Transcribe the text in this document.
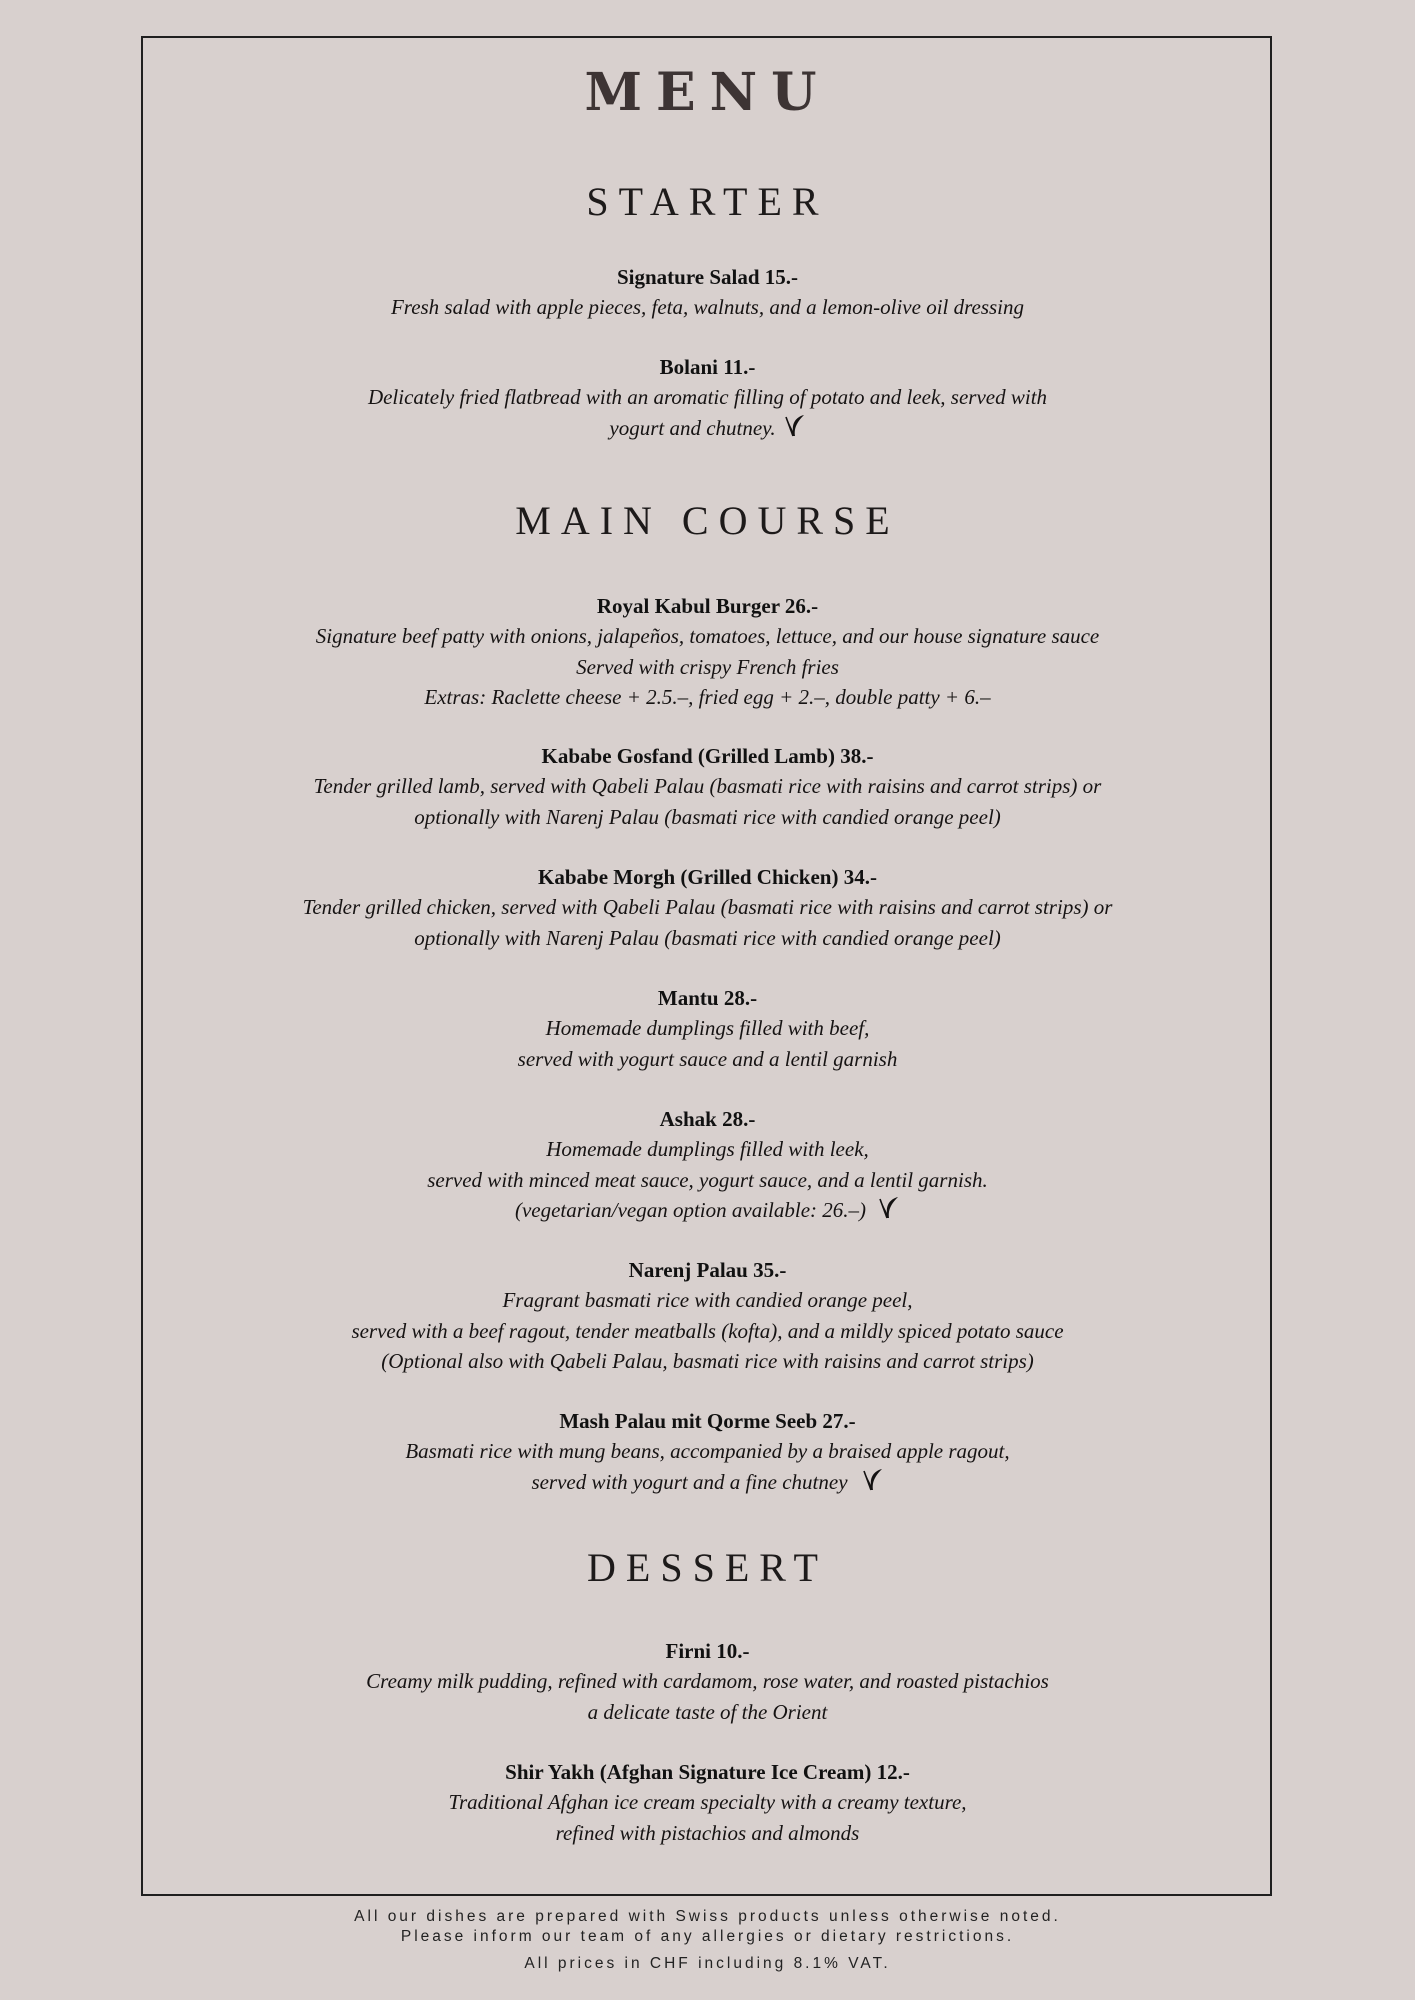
MENU
STARTER
Signature Salad 15.-
Fresh salad with apple pieces, feta, walnuts, and a lemon-olive oil dressing
Bolani 11.-
Delicately fried flatbread with an aromatic filling of potato and leek, served with
yogurt and chutney.
MAIN COURSE
Royal Kabul Burger 26.-
Signature beef patty with onions, jalapeños, tomatoes, lettuce, and our house signature sauce
Served with crispy French fries
Extras: Raclette cheese + 2.5.–, fried egg + 2.–, double patty + 6.–
Kababe Gosfand (Grilled Lamb) 38.-
Tender grilled lamb, served with Qabeli Palau (basmati rice with raisins and carrot strips) or
optionally with Narenj Palau (basmati rice with candied orange peel)
Kababe Morgh (Grilled Chicken) 34.-
Tender grilled chicken, served with Qabeli Palau (basmati rice with raisins and carrot strips) or
optionally with Narenj Palau (basmati rice with candied orange peel)
Mantu 28.-
Homemade dumplings filled with beef,
served with yogurt sauce and a lentil garnish
Ashak 28.-
Homemade dumplings filled with leek,
served with minced meat sauce, yogurt sauce, and a lentil garnish.
(vegetarian/vegan option available: 26.–)
Narenj Palau 35.-
Fragrant basmati rice with candied orange peel,
served with a beef ragout, tender meatballs (kofta), and a mildly spiced potato sauce
(Optional also with Qabeli Palau, basmati rice with raisins and carrot strips)
Mash Palau mit Qorme Seeb 27.-
Basmati rice with mung beans, accompanied by a braised apple ragout,
served with yogurt and a fine chutney
DESSERT
Firni 10.-
Creamy milk pudding, refined with cardamom, rose water, and roasted pistachios
a delicate taste of the Orient
Shir Yakh (Afghan Signature Ice Cream) 12.-
Traditional Afghan ice cream specialty with a creamy texture,
refined with pistachios and almonds
All our dishes are prepared with Swiss products unless otherwise noted.
Please inform our team of any allergies or dietary restrictions.
All prices in CHF including 8.1% VAT.
